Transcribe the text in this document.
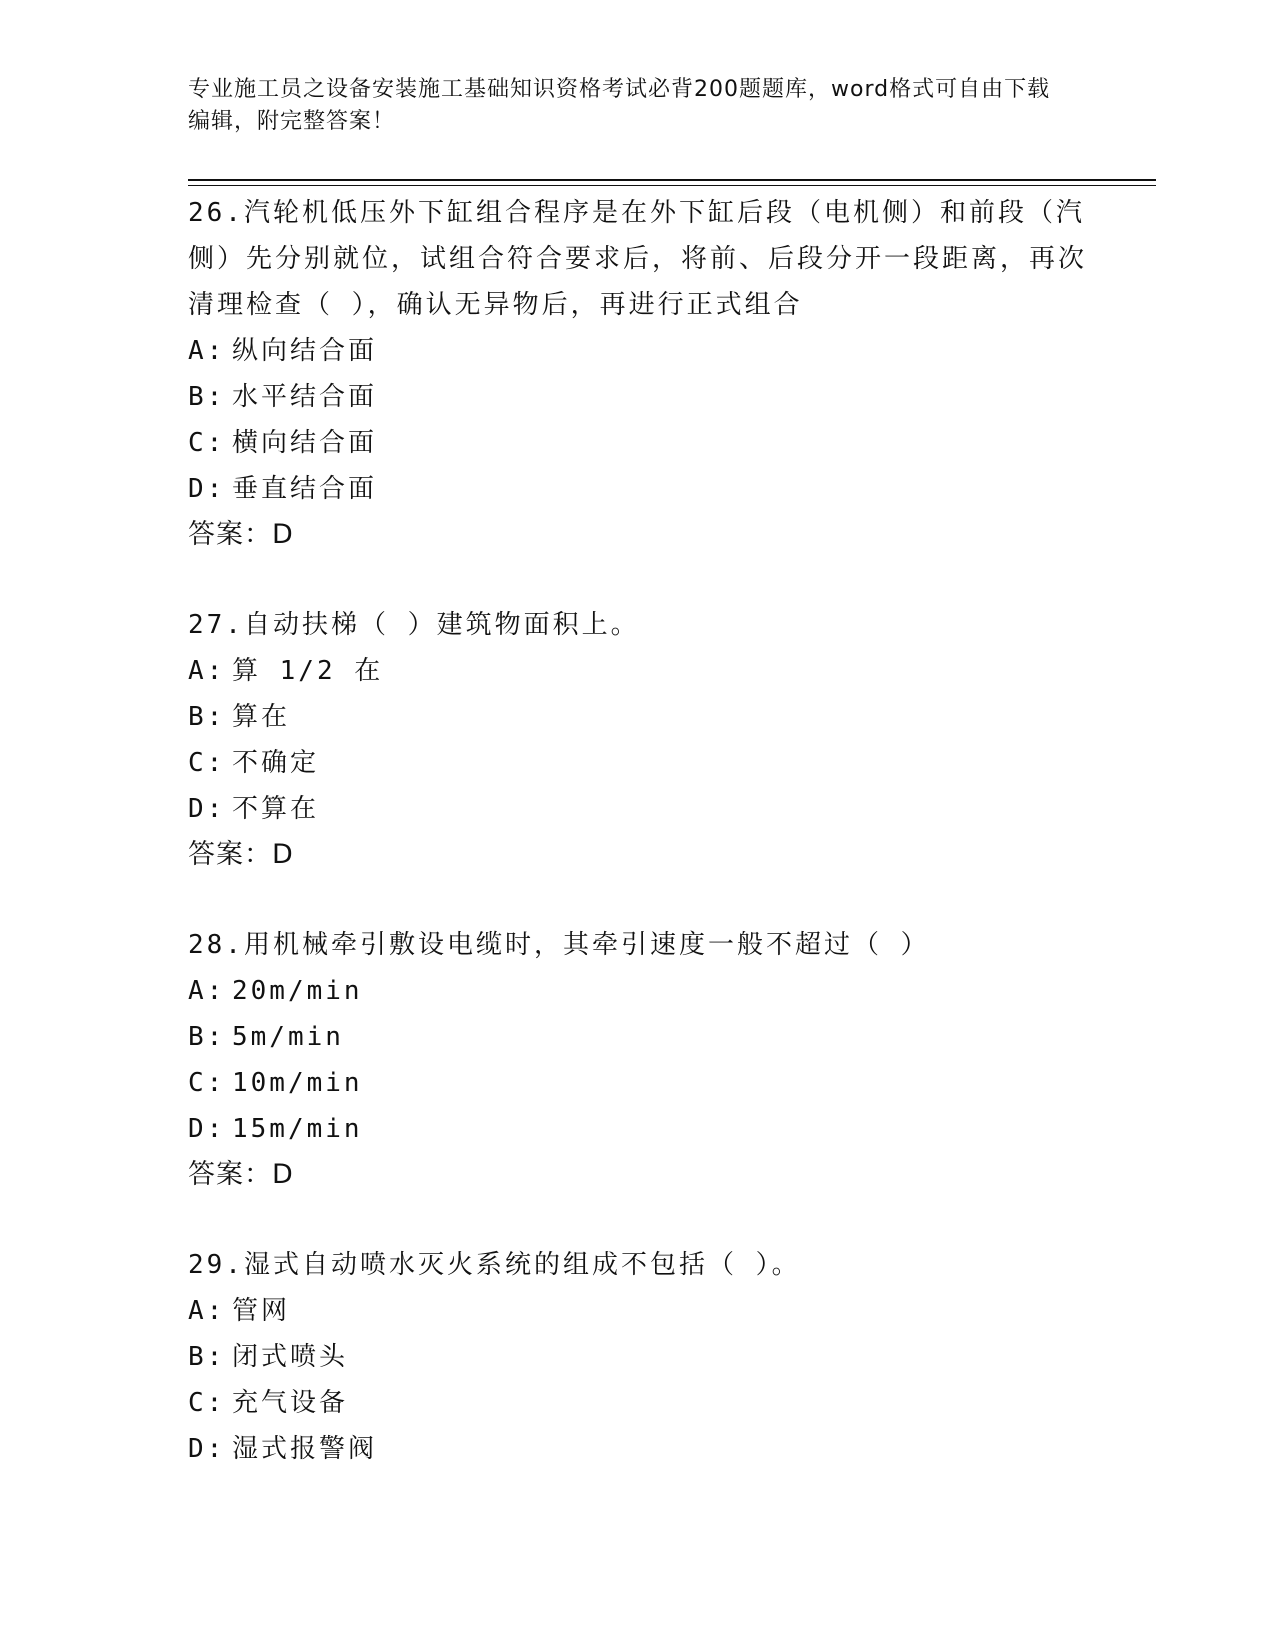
专业施工员之设备安装施工基础知识资格考试必背200题题库，word格式可自由下载编辑，附完整答案！
26.汽轮机低压外下缸组合程序是在外下缸后段（电机侧）和前段（汽侧）先分别就位，试组合符合要求后，将前、后段分开一段距离，再次清理检查（ ），确认无异物后，再进行正式组合
A: 纵向结合面
B: 水平结合面
C: 横向结合面
D: 垂直结合面
答案：D
27.自动扶梯（ ）建筑物面积上。
A: 算 1/2 在
B: 算在
C: 不确定
D: 不算在
答案：D
28.用机械牵引敷设电缆时，其牵引速度一般不超过（ ）
A: 20m/min
B: 5m/min
C: 10m/min
D: 15m/min
答案：D
29.湿式自动喷水灭火系统的组成不包括（ ）。
A: 管网
B: 闭式喷头
C: 充气设备
D: 湿式报警阀
